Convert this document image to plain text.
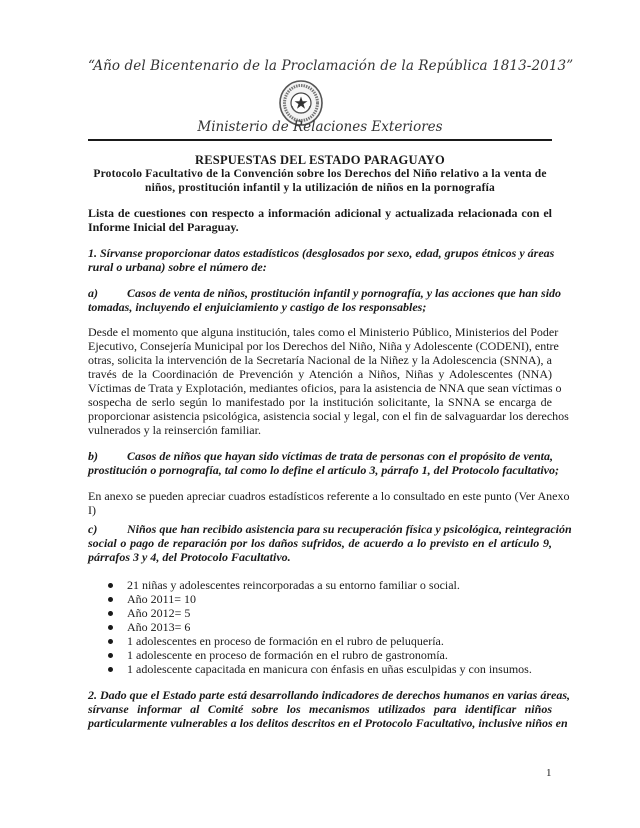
“Año del Bicentenario de la Proclamación de la República 1813-2013”
Ministerio de Relaciones Exteriores
RESPUESTAS DEL ESTADO PARAGUAYO
Protocolo Facultativo de la Convención sobre los Derechos del Niño relativo a la venta de
niños, prostitución infantil y la utilización de niños en la pornografía
Lista de cuestiones con respecto a información adicional y actualizada relacionada con el
Informe Inicial del Paraguay.
1. Sírvanse proporcionar datos estadísticos (desglosados por sexo, edad, grupos étnicos y áreas
rural o urbana) sobre el número de:
a) Casos de venta de niños, prostitución infantil y pornografía, y las acciones que han sido
tomadas, incluyendo el enjuiciamiento y castigo de los responsables;
Desde el momento que alguna institución, tales como el Ministerio Público, Ministerios del Poder
Ejecutivo, Consejería Municipal por los Derechos del Niño, Niña y Adolescente (CODENI), entre
otras, solicita la intervención de la Secretaría Nacional de la Niñez y la Adolescencia (SNNA), a
través de la Coordinación de Prevención y Atención a Niños, Niñas y Adolescentes (NNA)
Víctimas de Trata y Explotación, mediantes oficios, para la asistencia de NNA que sean víctimas o
sospecha de serlo según lo manifestado por la institución solicitante, la SNNA se encarga de
proporcionar asistencia psicológica, asistencia social y legal, con el fin de salvaguardar los derechos
vulnerados y la reinserción familiar.
b) Casos de niños que hayan sido víctimas de trata de personas con el propósito de venta,
prostitución o pornografía, tal como lo define el artículo 3, párrafo 1, del Protocolo facultativo;
En anexo se pueden apreciar cuadros estadísticos referente a lo consultado en este punto (Ver Anexo
I)
c) Niños que han recibido asistencia para su recuperación física y psicológica, reintegración
social o pago de reparación por los daños sufridos, de acuerdo a lo previsto en el artículo 9,
párrafos 3 y 4, del Protocolo Facultativo.
21 niñas y adolescentes reincorporadas a su entorno familiar o social.
Año 2011= 10
Año 2012= 5
Año 2013= 6
1 adolescentes en proceso de formación en el rubro de peluquería.
1 adolescente en proceso de formación en el rubro de gastronomía.
1 adolescente capacitada en manicura con énfasis en uñas esculpidas y con insumos.
2. Dado que el Estado parte está desarrollando indicadores de derechos humanos en varias áreas,
sírvanse informar al Comité sobre los mecanismos utilizados para identificar niños
particularmente vulnerables a los delitos descritos en el Protocolo Facultativo, inclusive niños en
1
